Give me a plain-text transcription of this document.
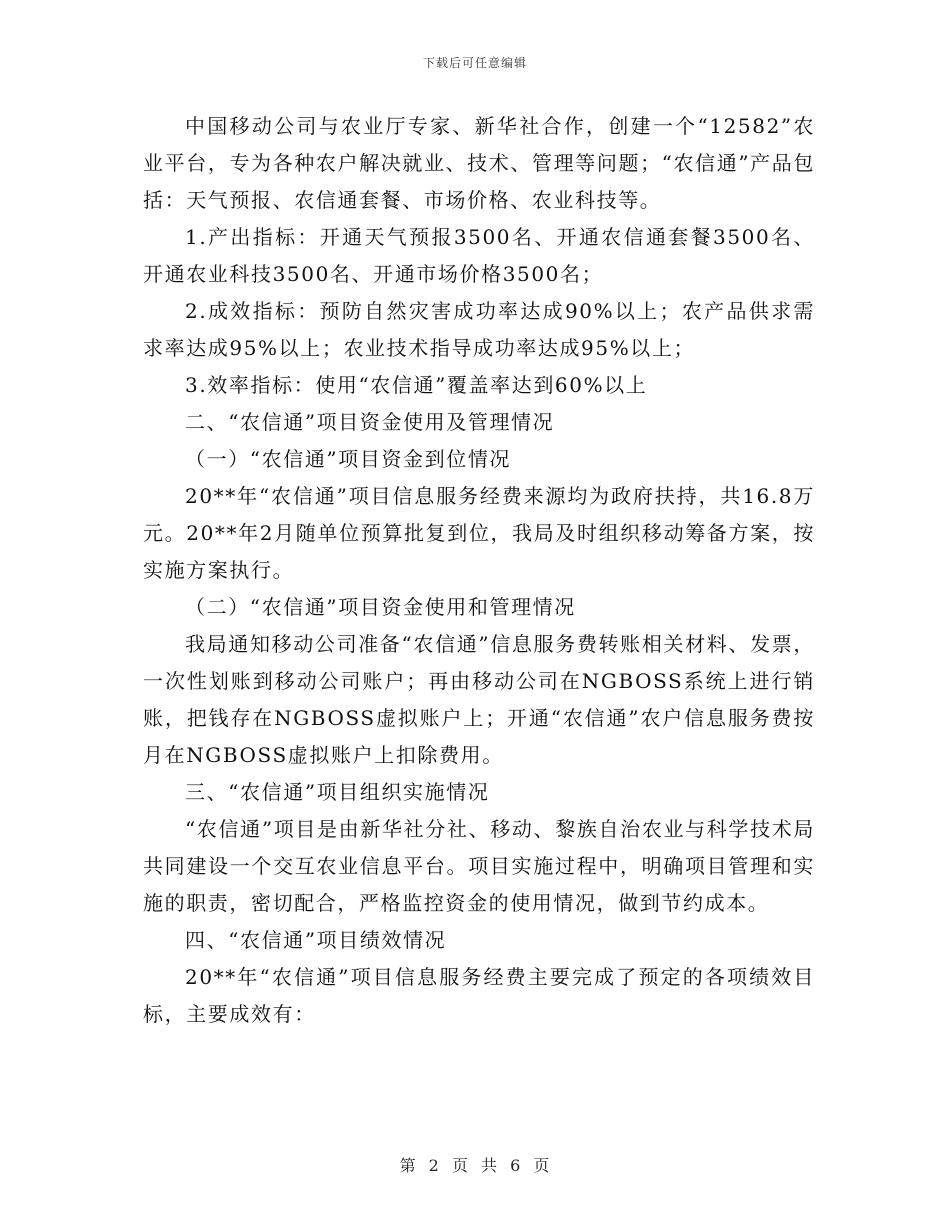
下载后可任意编辑

中国移动公司与农业厅专家、新华社合作，创建一个“12582”农业平台，专为各种农户解决就业、技术、管理等问题；“农信通”产品包括：天气预报、农信通套餐、市场价格、农业科技等。

1.产出指标：开通天气预报3500名、开通农信通套餐3500名、开通农业科技3500名、开通市场价格3500名；

2.成效指标：预防自然灾害成功率达成90%以上；农产品供求需求率达成95%以上；农业技术指导成功率达成95%以上；

3.效率指标：使用“农信通”覆盖率达到60%以上

二、“农信通”项目资金使用及管理情况

（一）“农信通”项目资金到位情况

20**年“农信通”项目信息服务经费来源均为政府扶持，共16.8万元。20**年2月随单位预算批复到位，我局及时组织移动筹备方案，按实施方案执行。

（二）“农信通”项目资金使用和管理情况

我局通知移动公司准备“农信通”信息服务费转账相关材料、发票，一次性划账到移动公司账户；再由移动公司在NGBOSS系统上进行销账，把钱存在NGBOSS虚拟账户上；开通“农信通”农户信息服务费按月在NGBOSS虚拟账户上扣除费用。

三、“农信通”项目组织实施情况

“农信通”项目是由新华社分社、移动、黎族自治农业与科学技术局共同建设一个交互农业信息平台。项目实施过程中，明确项目管理和实施的职责，密切配合，严格监控资金的使用情况，做到节约成本。

四、“农信通”项目绩效情况

20**年“农信通”项目信息服务经费主要完成了预定的各项绩效目标，主要成效有：

第 2 页 共 6 页
